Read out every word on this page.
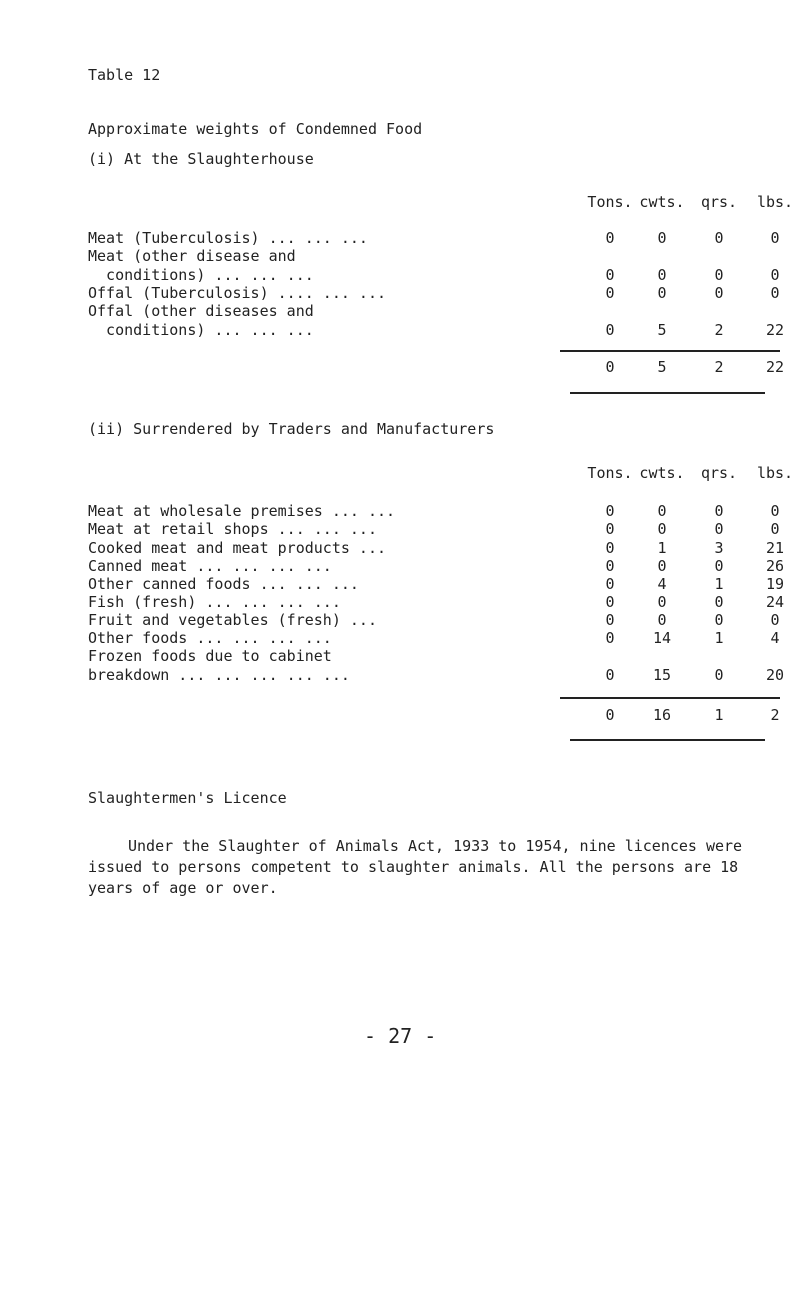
Table 12
Approximate weights of Condemned Food
(i) At the Slaughterhouse
Tons. cwts.	qrs.	lbs.
Meat (Tuberculosis) ... ... ...	0	0	0	0
Meat (other disease and
conditions) ... ... ...	0	0	0	0
Offal (Tuberculosis) .... ... ...	0	0	0	0
Offal (other diseases and
conditions) ... ... ...	0	5	2	22
0	5	2	22
(ii) Surrendered by Traders and Manufacturers
Tons. cwts.	qrs.	lbs.
Meat at wholesale premises ... ...	0	0	0	0
Meat at retail shops ... ... ...	0	0	0	0
Cooked meat and meat products ...	0	1	3	21
Canned meat ... ... ... ...	0	0	0	26
Other canned foods ... ... ...	0	4	1	19
Fish (fresh) ... ... ... ...	0	0	0	24
Fruit and vegetables (fresh) ...	0	0	0	0
Other foods ... ... ... ...	0	14	1	4
Frozen foods due to cabinet
breakdown ... ... ... ... ...	0	15	0	20
0	16	1	2
Slaughtermen's Licence
Under the Slaughter of Animals Act, 1933 to 1954, nine licences were issued to persons competent to slaughter animals. All the persons are 18 years of age or over.
- 27 -
